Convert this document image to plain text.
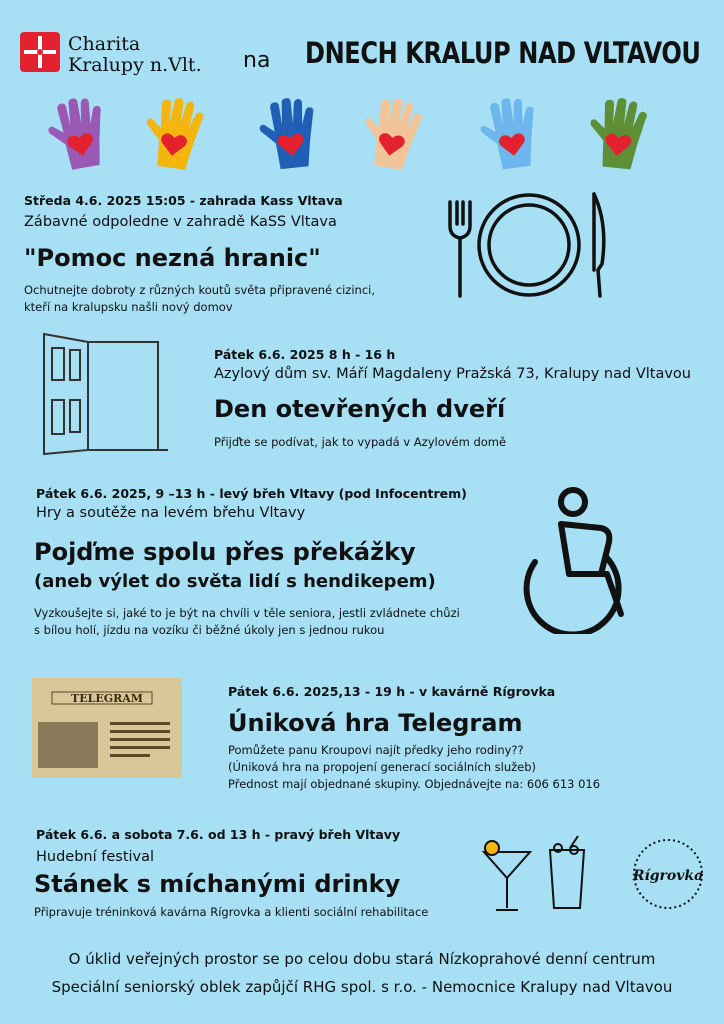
Charita
Kralupy n.Vlt. na DNECH KRALUP NAD VLTAVOU
Středa 4.6. 2025 15:05 - zahrada Kass Vltava
Zábavné odpoledne v zahradě KaSS Vltava
"Pomoc nezná hranic"
Ochutnejte dobroty z různých koutů světa připravené cizinci,
kteří na kralupsku našli nový domov
Pátek 6.6. 2025 8 h - 16 h
Azylový dům sv. Máří Magdaleny Pražská 73, Kralupy nad Vltavou
Den otevřených dveří
Přijďte se podívat, jak to vypadá v Azylovém domě
Pátek 6.6. 2025, 9 –13 h - levý břeh Vltavy (pod Infocentrem)
Hry a soutěže na levém břehu Vltavy
Pojďme spolu přes překážky
(aneb výlet do světa lidí s hendikepem)
Vyzkoušejte si, jaké to je být na chvíli v těle seniora, jestli zvládnete chůzi
s bílou holí, jízdu na vozíku či běžné úkoly jen s jednou rukou
TELEGRAM	Pátek 6.6. 2025,13 - 19 h - v kavárně Rígrovka
Úniková hra Telegram
Pomůžete panu Kroupovi najít předky jeho rodiny??
(Úniková hra na propojení generací sociálních služeb)
Přednost mají objednané skupiny. Objednávejte na: 606 613 016
Pátek 6.6. a sobota 7.6. od 13 h - pravý břeh Vltavy
Hudební festival
Stánek s míchanými drinky
Připravuje tréninková kavárna Rígrovka a klienti sociální rehabilitace
Rígrovka
O úklid veřejných prostor se po celou dobu stará Nízkoprahové denní centrum
Speciální seniorský oblek zapůjčí RHG spol. s r.o. - Nemocnice Kralupy nad Vltavou
